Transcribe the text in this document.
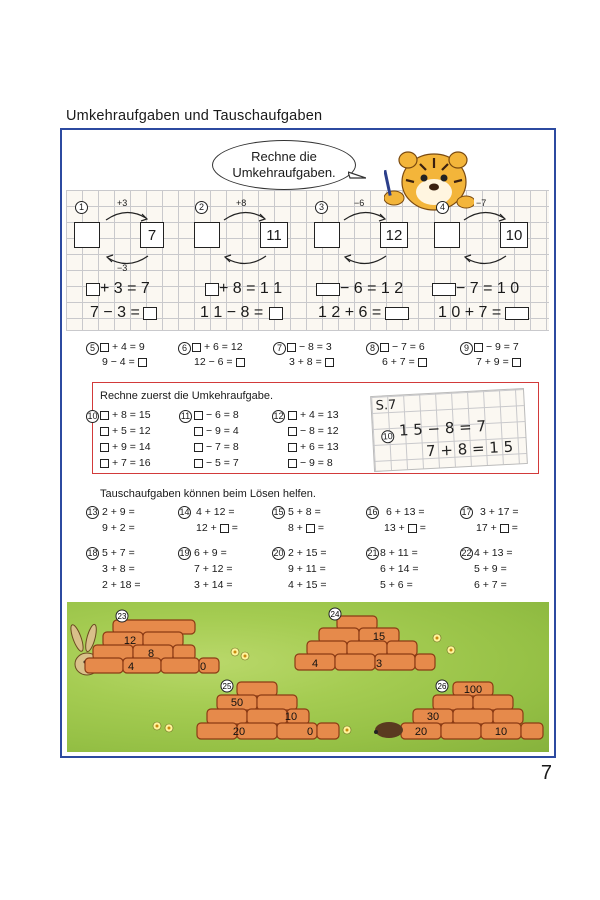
Umkehraufgaben und Tauschaufgaben
Rechne die
Umkehraufgaben.
1	+3
−3
7
+ 3 = 7
7 − 3 =
2	+8
11
+ 8 = 1 1
1 1 − 8 =
3	−6
12
− 6 = 1 2
1 2 + 6 =
4	−7
10
− 7 = 1 0
1 0 + 7 =
5	+ 4 = 9
9 − 4 =
6	+ 6 = 12
12 − 6 =
7	− 8 = 3
3 + 8 =
8	− 7 = 6
6 + 7 =
9	− 9 = 7
7 + 9 =
Rechne zuerst die Umkehraufgabe.
10 + 8 = 15
+ 5 = 12
+ 9 = 14
+ 7 = 16
11 − 6 = 8
− 9 = 4
− 7 = 8
− 5 = 7
12 + 4 = 13
− 8 = 12
+ 6 = 13
− 9 = 8
S.7
10 1 5 − 8 = 7
7 + 8 = 1 5
Tauschaufgaben können beim Lösen helfen.
13 2 + 9 =
9 + 2 =
14 4 + 12 =
12 + =
15 5 + 8 =
8 + =
16 6 + 13 =
13 + =
17 3 + 17 =
17 + =
18 5 + 7 =
3 + 8 =
2 + 18 =
19 6 + 9 =
7 + 12 =
3 + 14 =
20 2 + 15 =
9 + 11 =
4 + 15 =
21 8 + 11 =
6 + 14 =
5 + 6 =
22 4 + 13 =
5 + 9 =
6 + 7 =
23
12
8
4	0
24
15
3
4
25
50
10
20	0
26 100
30
20	10
7
